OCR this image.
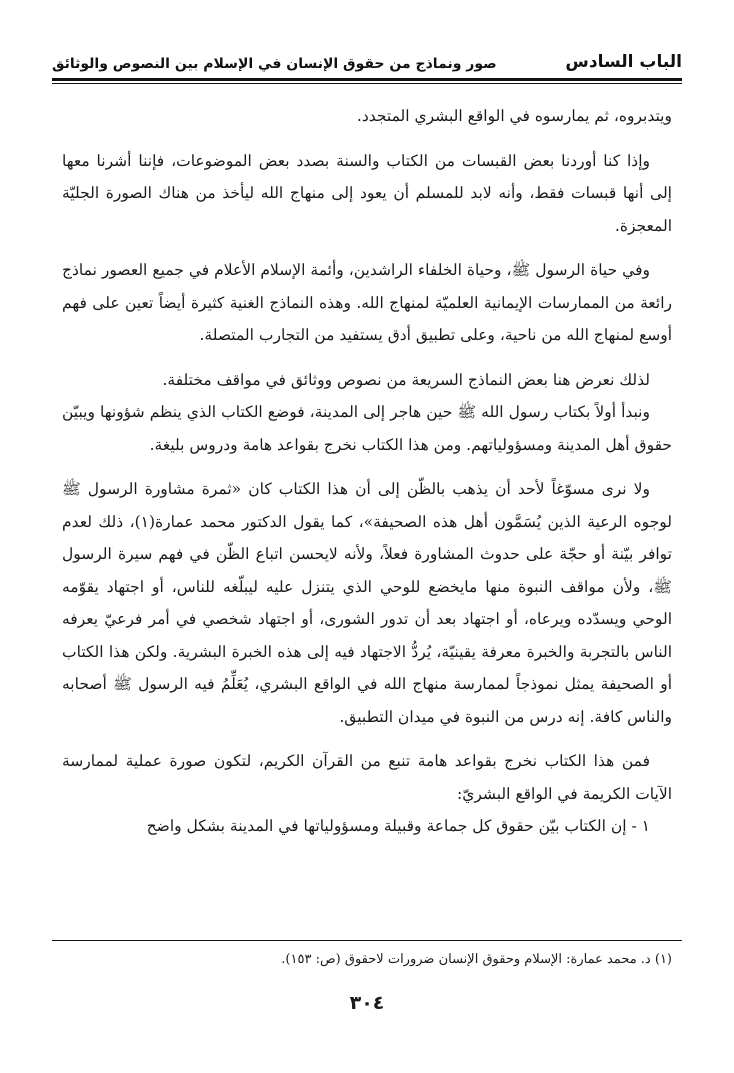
الباب السادس
صور ونماذج من حقوق الإنسان في الإسلام بين النصوص والوثائق

ويتدبروه، ثم يمارسوه في الواقع البشري المتجدد.

وإذا كنا أوردنا بعض القبسات من الكتاب والسنة بصدد بعض الموضوعات، فإننا أشرنا معها إلى أنها قبسات فقط، وأنه لابد للمسلم أن يعود إلى منهاج الله ليأخذ من هناك الصورة الجليّة المعجزة.

وفي حياة الرسول ﷺ، وحياة الخلفاء الراشدين، وأئمة الإسلام الأعلام في جميع العصور نماذج رائعة من الممارسات الإيمانية العلميّة لمنهاج الله. وهذه النماذج الغنية كثيرة أيضاً تعين على فهم أوسع لمنهاج الله من ناحية، وعلى تطبيق أدق يستفيد من التجارب المتصلة.

لذلك نعرض هنا بعض النماذج السريعة من نصوص ووثائق في مواقف مختلفة.

ونبدأ أولاً بكتاب رسول الله ﷺ حين هاجر إلى المدينة، فوضع الكتاب الذي ينظم شؤونها ويبيّن حقوق أهل المدينة ومسؤولياتهم. ومن هذا الكتاب نخرج بقواعد هامة ودروس بليغة.

ولا نرى مسوّغاً لأحد أن يذهب بالظّن إلى أن هذا الكتاب كان «ثمرة مشاورة الرسول ﷺ لوجوه الرعية الذين يُسَمَّون أهل هذه الصحيفة»، كما يقول الدكتور محمد عمارة(١)، ذلك لعدم توافر بيّنة أو حجّة على حدوث المشاورة فعلاً، ولأنه لايحسن اتباع الظّن في فهم سيرة الرسول ﷺ، ولأن مواقف النبوة منها مايخضع للوحي الذي يتنزل عليه ليبلّغه للناس، أو اجتهاد يقوّمه الوحي ويسدّده ويرعاه، أو اجتهاد بعد أن تدور الشورى، أو اجتهاد شخصي في أمر فرعيّ يعرفه الناس بالتجربة والخبرة معرفة يقينيّة، يُردُّ الاجتهاد فيه إلى هذه الخبرة البشرية. ولكن هذا الكتاب أو الصحيفة يمثل نموذجاً لممارسة منهاج الله في الواقع البشري، يُعَلِّمُ فيه الرسول ﷺ أصحابه والناس كافة. إنه درس من النبوة في ميدان التطبيق.

فمن هذا الكتاب نخرج بقواعد هامة تنبع من القرآن الكريم، لتكون صورة عملية لممارسة الآيات الكريمة في الواقع البشريّ:

١ - إن الكتاب بيّن حقوق كل جماعة وقبيلة ومسؤولياتها في المدينة بشكل واضح

(١) د. محمد عمارة: الإسلام وحقوق الإنسان ضرورات لاحقوق (ص: ١٥٣).
٣٠٤
